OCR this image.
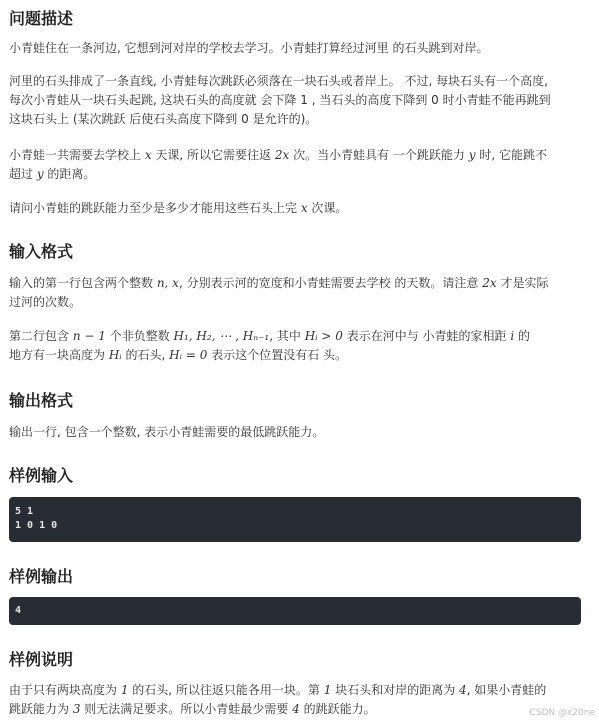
问题描述

小青蛙住在一条河边, 它想到河对岸的学校去学习。小青蛙打算经过河里 的石头跳到对岸。

河里的石头排成了一条直线, 小青蛙每次跳跃必须落在一块石头或者岸上。 不过, 每块石头有一个高度,
每次小青蛙从一块石头起跳, 这块石头的高度就 会下降 1 , 当石头的高度下降到 0 时小青蛙不能再跳到
这块石头上 (某次跳跃 后使石头高度下降到 0 是允许的)。

小青蛙一共需要去学校上 x 天课, 所以它需要往返 2x 次。当小青蛙具有 一个跳跃能力 y 时, 它能跳不
超过 y 的距离。

请问小青蛙的跳跃能力至少是多少才能用这些石头上完 x 次课。

输入格式

输入的第一行包含两个整数 n, x, 分别表示河的宽度和小青蛙需要去学校 的天数。请注意 2x 才是实际
过河的次数。

第二行包含 n − 1 个非负整数 H₁, H₂, ⋯ , Hₙ₋₁, 其中 Hᵢ > 0 表示在河中与 小青蛙的家相距 i 的
地方有一块高度为 Hᵢ 的石头, Hᵢ = 0 表示这个位置没有石 头。

输出格式

输出一行, 包含一个整数, 表示小青蛙需要的最低跳跃能力。

样例输入
5 1
1 0 1 0
样例输出
4
样例说明

由于只有两块高度为 1 的石头, 所以往返只能各用一块。第 1 块石头和对岸的距离为 4, 如果小青蛙的
跳跃能力为 3 则无法满足要求。所以小青蛙最少需要 4 的跳跃能力。	CSDN @x20ne
